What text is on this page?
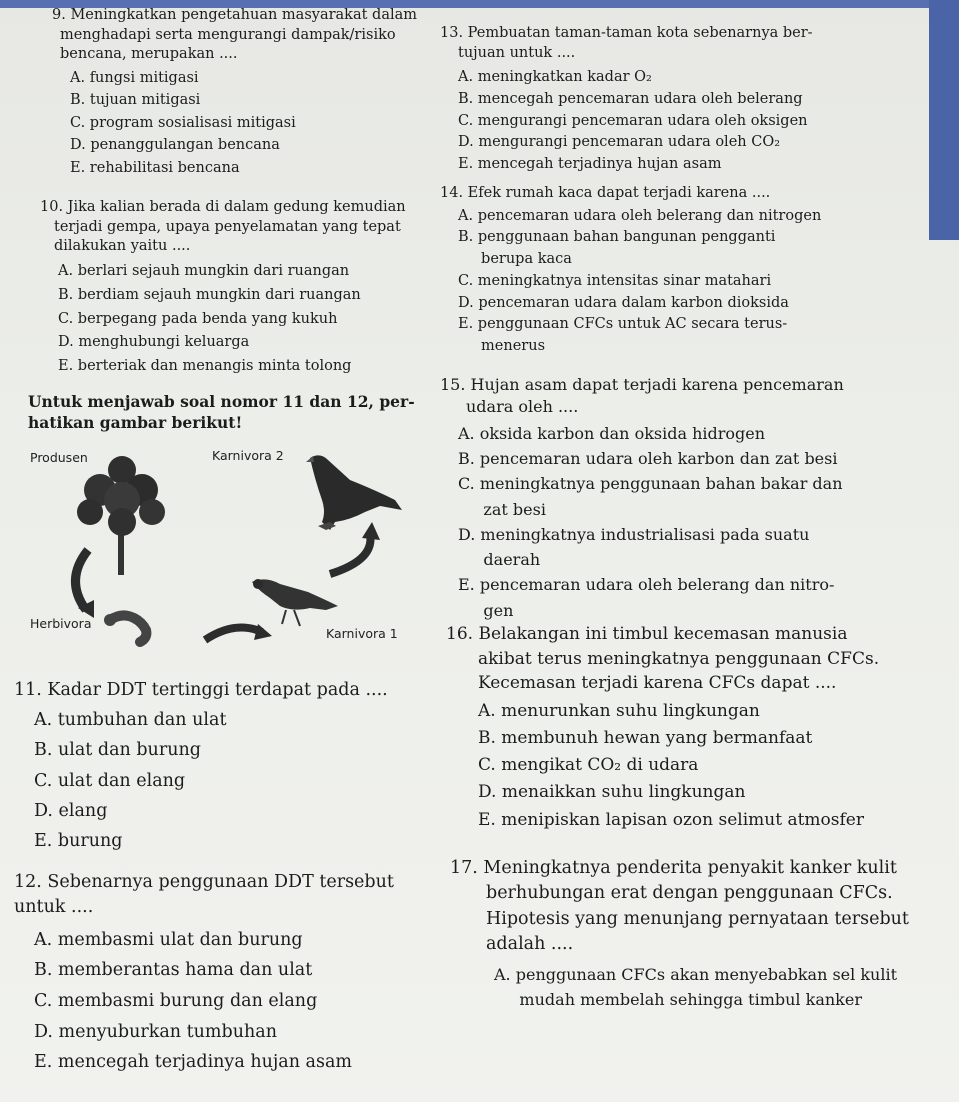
9. Meningkatkan pengetahuan masyarakat dalam

menghadapi serta mengurangi dampak/risiko

bencana, merupakan ....

A. fungsi mitigasi

B. tujuan mitigasi

C. program sosialisasi mitigasi

D. penanggulangan bencana

E. rehabilitasi bencana

10. Jika kalian berada di dalam gedung kemudian

terjadi gempa, upaya penyelamatan yang tepat

dilakukan yaitu ....

A. berlari sejauh mungkin dari ruangan

B. berdiam sejauh mungkin dari ruangan

C. berpegang pada benda yang kukuh

D. menghubungi keluarga

E. berteriak dan menangis minta tolong

Untuk menjawab soal nomor 11 dan 12, per-

hatikan gambar berikut!

Produsen	Karnivora 2
Herbivora
Karnivora 1

11. Kadar DDT tertinggi terdapat pada ....

A. tumbuhan dan ulat

B. ulat dan burung

C. ulat dan elang

D. elang

E. burung

12. Sebenarnya penggunaan DDT tersebut untuk ....

A. membasmi ulat dan burung

B. memberantas hama dan ulat

C. membasmi burung dan elang

D. menyuburkan tumbuhan

E. mencegah terjadinya hujan asam

13. Pembuatan taman-taman kota sebenarnya ber-

tujuan untuk ....

A. meningkatkan kadar O₂

B. mencegah pencemaran udara oleh belerang

C. mengurangi pencemaran udara oleh oksigen

D. mengurangi pencemaran udara oleh CO₂

E. mencegah terjadinya hujan asam

14. Efek rumah kaca dapat terjadi karena ....

A. pencemaran udara oleh belerang dan nitrogen

B. penggunaan bahan bangunan pengganti

berupa kaca

C. meningkatnya intensitas sinar matahari

D. pencemaran udara dalam karbon dioksida

E. penggunaan CFCs untuk AC secara terus-

menerus

15. Hujan asam dapat terjadi karena pencemaran

udara oleh ....

A. oksida karbon dan oksida hidrogen

B. pencemaran udara oleh karbon dan zat besi

C. meningkatnya penggunaan bahan bakar dan

zat besi

D. meningkatnya industrialisasi pada suatu

daerah

E. pencemaran udara oleh belerang dan nitro-

gen

16. Belakangan ini timbul kecemasan manusia

akibat terus meningkatnya penggunaan CFCs.

Kecemasan terjadi karena CFCs dapat ....

A. menurunkan suhu lingkungan

B. membunuh hewan yang bermanfaat

C. mengikat CO₂ di udara

D. menaikkan suhu lingkungan

E. menipiskan lapisan ozon selimut atmosfer

17. Meningkatnya penderita penyakit kanker kulit

berhubungan erat dengan penggunaan CFCs.

Hipotesis yang menunjang pernyataan tersebut

adalah ....

A. penggunaan CFCs akan menyebabkan sel kulit

mudah membelah sehingga timbul kanker
